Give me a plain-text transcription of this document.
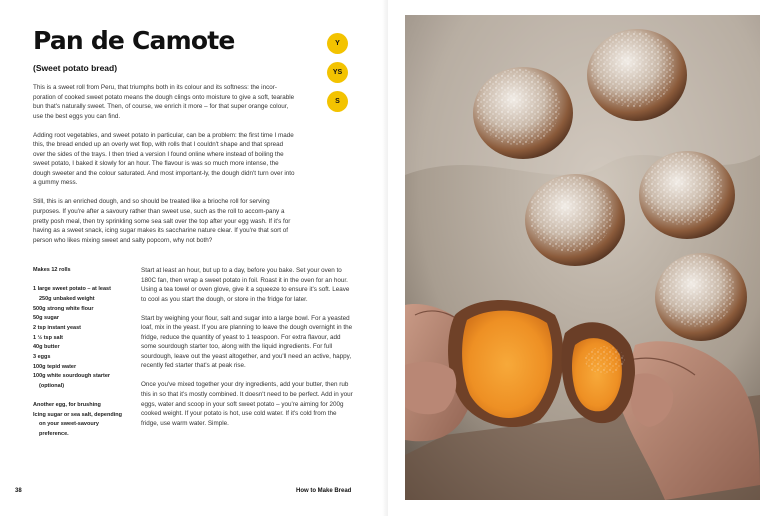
Pan de Camote
(Sweet potato bread)
Y
YS
S

This is a sweet roll from Peru, that triumphs both in its colour and its softness: the incor-poration of cooked sweet potato means the dough clings onto moisture to give a soft, tearable bun that's naturally sweet. Then, of course, we enrich it more – for that super orange colour, use the best eggs you can find.

Adding root vegetables, and sweet potato in particular, can be a problem: the first time I made this, the bread ended up an overly wet flop, with rolls that I couldn't shape and that spread over the sides of the trays. I then tried a version I found online where instead of boiling the sweet potato, I baked it slowly for an hour. The flavour is was so much more intense, the dough sweeter and the colour saturated. And most important-ly, the dough didn't turn over into a gummy mess.

Still, this is an enriched dough, and so should be treated like a brioche roll for serving purposes. If you're after a savoury rather than sweet use, such as the roll to accom-pany a pretty posh meal, then try sprinkling some sea salt over the top after your egg wash. If it's for having as a sweet snack, icing sugar makes its saccharine nature clear. If you're that sort of person who likes mixing sweet and salty popcorn, why not both?

Makes 12 rolls
1 large sweet potato – at least 250g unbaked weight
500g strong white flour
50g sugar
2 tsp instant yeast
1 ½ tsp salt
40g butter
3 eggs
100g tepid water
100g white sourdough starter (optional)
Another egg, for brushing
Icing sugar or sea salt, depending on your sweet-savoury preference.

Start at least an hour, but up to a day, before you bake. Set your oven to 180C fan, then wrap a sweet potato in foil. Roast it in the oven for an hour. Using a tea towel or oven glove, give it a squeeze to ensure it's soft. Leave to cool as you start the dough, or store in the fridge for later.

Start by weighing your flour, salt and sugar into a large bowl. For a yeasted loaf, mix in the yeast. If you are planning to leave the dough overnight in the fridge, reduce the quantity of yeast to 1 teaspoon. For extra flavour, add some sourdough starter too, along with the liquid ingredients. For full sourdough, leave out the yeast altogether, and you'll need an active, happy, recently fed starter that's at peak rise.

Once you've mixed together your dry ingredients, add your butter, then rub this in so that it's mostly combined. It doesn't need to be perfect. Add in your eggs, water and scoop in your soft sweet potato – you're aiming for 200g cooked weight. If your potato is hot, use cold water. If it's cold from the fridge, use warm water. Simple.

38	How to Make Bread
